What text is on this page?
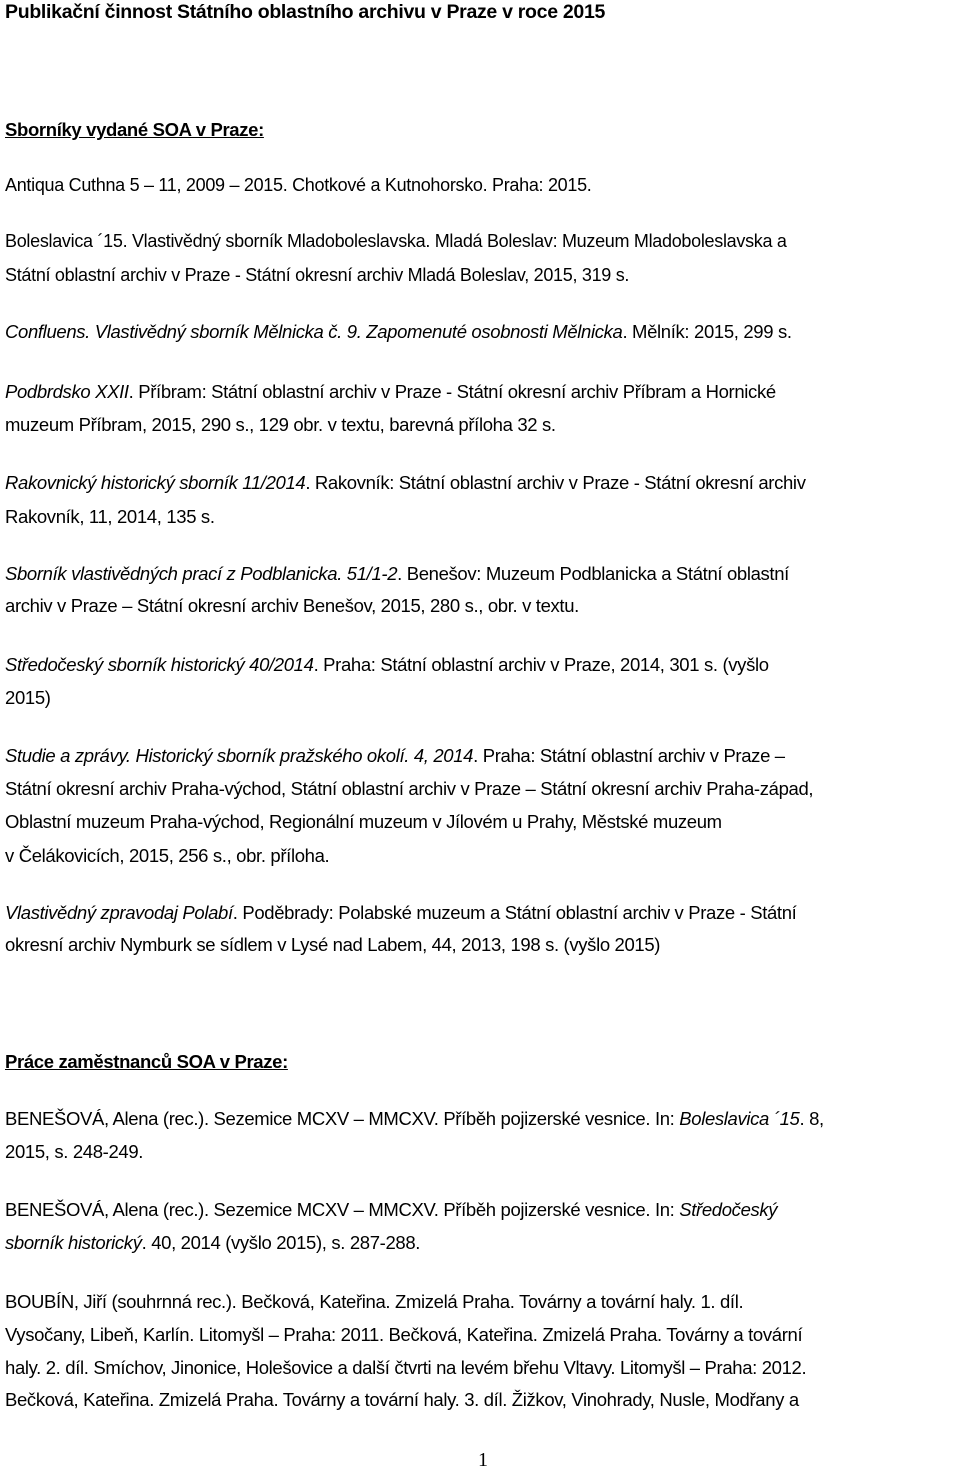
Publikační činnost Státního oblastního archivu v Praze v roce 2015
Sborníky vydané SOA v Praze:
Antiqua Cuthna 5 – 11, 2009 – 2015. Chotkové a Kutnohorsko. Praha: 2015.
Boleslavica ´15. Vlastivědný sborník Mladoboleslavska. Mladá Boleslav: Muzeum Mladoboleslavska a
Státní oblastní archiv v Praze - Státní okresní archiv Mladá Boleslav, 2015, 319 s.
Confluens. Vlastivědný sborník Mělnicka č. 9. Zapomenuté osobnosti Mělnicka. Mělník: 2015, 299 s.
Podbrdsko XXII. Příbram: Státní oblastní archiv v Praze - Státní okresní archiv Příbram a Hornické
muzeum Příbram, 2015, 290 s., 129 obr. v textu, barevná příloha 32 s.
Rakovnický historický sborník 11/2014. Rakovník: Státní oblastní archiv v Praze - Státní okresní archiv
Rakovník, 11, 2014, 135 s.
Sborník vlastivědných prací z Podblanicka. 51/1-2. Benešov: Muzeum Podblanicka a Státní oblastní
archiv v Praze – Státní okresní archiv Benešov, 2015, 280 s., obr. v textu.
Středočeský sborník historický 40/2014. Praha: Státní oblastní archiv v Praze, 2014, 301 s. (vyšlo
2015)
Studie a zprávy. Historický sborník pražského okolí. 4, 2014. Praha: Státní oblastní archiv v Praze –
Státní okresní archiv Praha-východ, Státní oblastní archiv v Praze – Státní okresní archiv Praha-západ,
Oblastní muzeum Praha-východ, Regionální muzeum v Jílovém u Prahy, Městské muzeum
v Čelákovicích, 2015, 256 s., obr. příloha.
Vlastivědný zpravodaj Polabí. Poděbrady: Polabské muzeum a Státní oblastní archiv v Praze - Státní
okresní archiv Nymburk se sídlem v Lysé nad Labem, 44, 2013, 198 s. (vyšlo 2015)
Práce zaměstnanců SOA v Praze:
BENEŠOVÁ, Alena (rec.). Sezemice MCXV – MMCXV. Příběh pojizerské vesnice. In: Boleslavica ´15. 8,
2015, s. 248-249.
BENEŠOVÁ, Alena (rec.). Sezemice MCXV – MMCXV. Příběh pojizerské vesnice. In: Středočeský
sborník historický. 40, 2014 (vyšlo 2015), s. 287-288.
BOUBÍN, Jiří (souhrnná rec.). Bečková, Kateřina. Zmizelá Praha. Továrny a tovární haly. 1. díl.
Vysočany, Libeň, Karlín. Litomyšl – Praha: 2011. Bečková, Kateřina. Zmizelá Praha. Továrny a tovární
haly. 2. díl. Smíchov, Jinonice, Holešovice a další čtvrti na levém břehu Vltavy. Litomyšl – Praha: 2012.
Bečková, Kateřina. Zmizelá Praha. Továrny a tovární haly. 3. díl. Žižkov, Vinohrady, Nusle, Modřany a
1
